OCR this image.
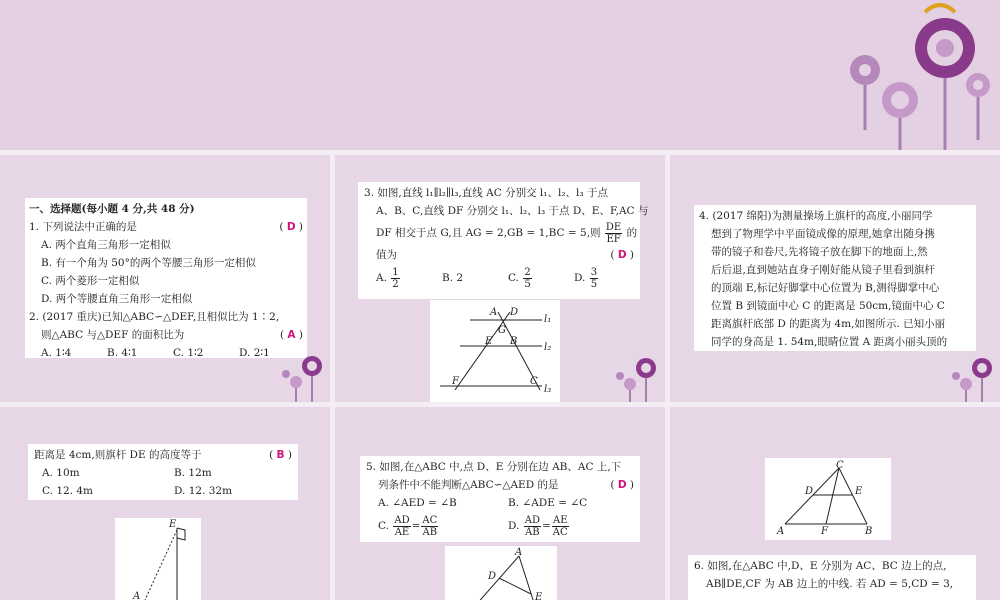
一、选择题(每小题 4 分,共 48 分)
1. 下列说法中正确的是	( D )
A. 两个直角三角形一定相似
B. 有一个角为 50°的两个等腰三角形一定相似
C. 两个菱形一定相似
D. 两个等腰直角三角形一定相似
2. (2017 重庆)已知△ABC∽△DEF,且相似比为 1∶2,
则△ABC 与△DEF 的面积比为	( A )
A. 1∶4	B. 4∶1	C. 1∶2	D. 2∶1
3. 如图,直线 l₁∥l₂∥l₃,直线 AC 分别交 l₁、l₂、l₃ 于点
A、B、C,直线 DF 分别交 l₁、l₂、l₃ 于点 D、E、F,AC 与
DF 相交于点 G,且 AG = 2,GB = 1,BC = 5,则 $\frac{DE}{EF}$ 的
值为	( D )
A. $\frac{1}{2}$	B. 2	C. $\frac{2}{5}$	D. $\frac{3}{5}$
A D
G
E B
F	C
l₁
l₂
l₃
4. (2017 绵阳)为测量操场上旗杆的高度,小丽同学
想到了物理学中平面镜成像的原理,她拿出随身携
带的镜子和卷尺,先将镜子放在脚下的地面上,然
后后退,直到她站直身子刚好能从镜子里看到旗杆
的顶端 E,标记好脚掌中心位置为 B,测得脚掌中心
位置 B 到镜面中心 C 的距离是 50cm,镜面中心 C
距离旗杆底部 D 的距离为 4m,如图所示. 已知小丽
同学的身高是 1. 54m,眼睛位置 A 距离小丽头顶的
距离是 4cm,则旗杆 DE 的高度等于	( B )
A. 10m	B. 12m
C. 12. 4m	D. 12. 32m
E
A
5. 如图,在△ABC 中,点 D、E 分别在边 AB、AC 上,下
列条件中不能判断△ABC∽△AED 的是	( D )
A. ∠AED = ∠B	B. ∠ADE = ∠C
C. $\frac{AD}{AE} = \frac{AC}{AB}$	D. $\frac{AD}{AB} = \frac{AE}{AC}$
A
D
E
C
D	E
A	F	B
6. 如图,在△ABC 中,D、E 分别为 AC、BC 边上的点,
AB∥DE,CF 为 AB 边上的中线. 若 AD = 5,CD = 3,
